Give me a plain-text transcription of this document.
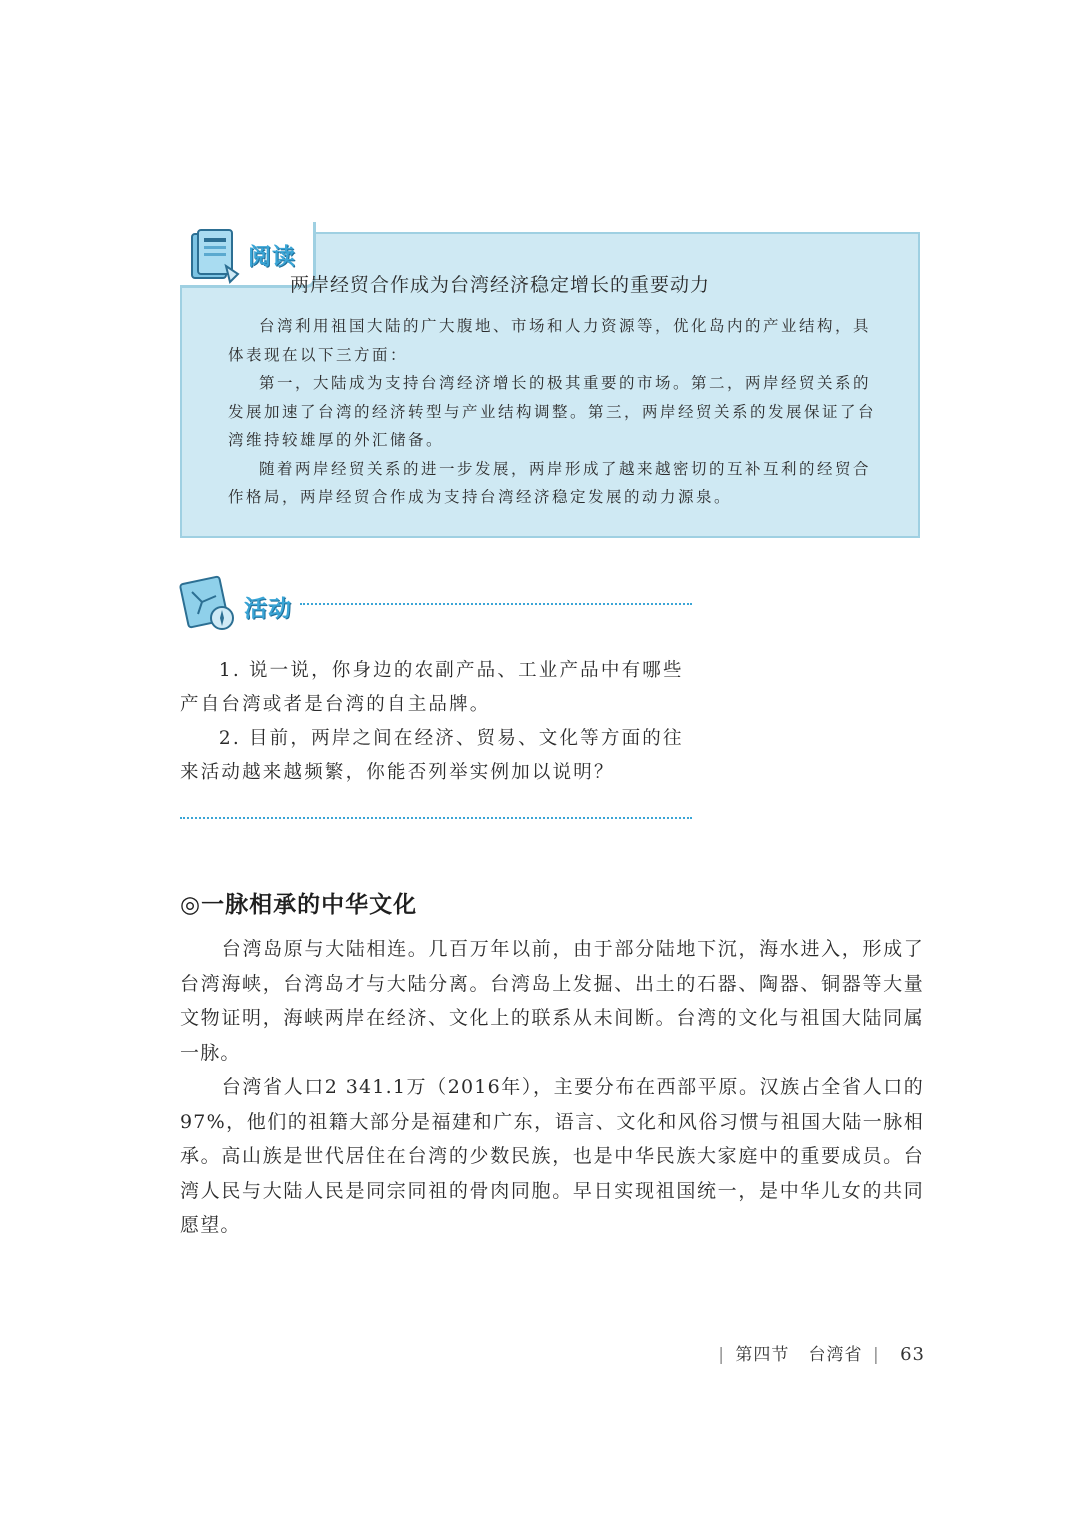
阅读
两岸经贸合作成为台湾经济稳定增长的重要动力

台湾利用祖国大陆的广大腹地、市场和人力资源等，优化岛内的产业结构，具体表现在以下三方面：

第一，大陆成为支持台湾经济增长的极其重要的市场。第二，两岸经贸关系的发展加速了台湾的经济转型与产业结构调整。第三，两岸经贸关系的发展保证了台湾维持较雄厚的外汇储备。

随着两岸经贸关系的进一步发展，两岸形成了越来越密切的互补互利的经贸合作格局，两岸经贸合作成为支持台湾经济稳定发展的动力源泉。

活动

1. 说一说，你身边的农副产品、工业产品中有哪些产自台湾或者是台湾的自主品牌。

2. 目前，两岸之间在经济、贸易、文化等方面的往来活动越来越频繁，你能否列举实例加以说明？

◎一脉相承的中华文化

台湾岛原与大陆相连。几百万年以前，由于部分陆地下沉，海水进入，形成了台湾海峡，台湾岛才与大陆分离。台湾岛上发掘、出土的石器、陶器、铜器等大量文物证明，海峡两岸在经济、文化上的联系从未间断。台湾的文化与祖国大陆同属一脉。

台湾省人口2 341.1万（2016年），主要分布在西部平原。汉族占全省人口的97%，他们的祖籍大部分是福建和广东，语言、文化和风俗习惯与祖国大陆一脉相承。高山族是世代居住在台湾的少数民族，也是中华民族大家庭中的重要成员。台湾人民与大陆人民是同宗同祖的骨肉同胞。早日实现祖国统一，是中华儿女的共同愿望。

| 第四节 台湾省 | 63
